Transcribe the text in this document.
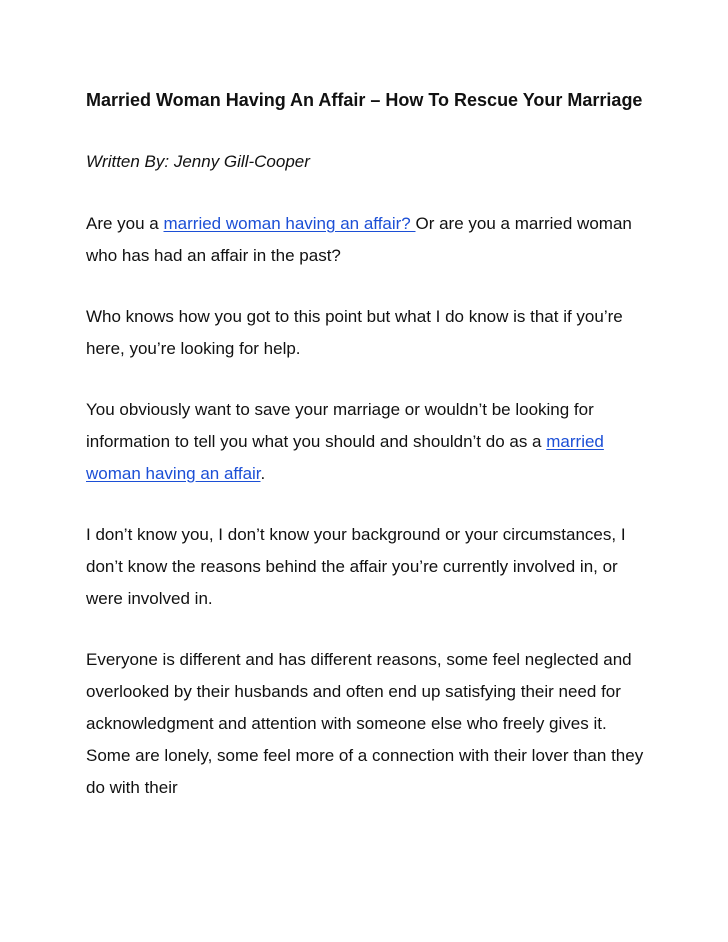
Married Woman Having An Affair – How To Rescue Your Marriage

Written By: Jenny Gill-Cooper

Are you a married woman having an affair? Or are you a married woman who has had an affair in the past?

Who knows how you got to this point but what I do know is that if you’re here, you’re looking for help.

You obviously want to save your marriage or wouldn’t be looking for information to tell you what you should and shouldn’t do as a married woman having an affair.

I don’t know you, I don’t know your background or your circumstances, I don’t know the reasons behind the affair you’re currently involved in, or were involved in.

Everyone is different and has different reasons, some feel neglected and overlooked by their husbands and often end up satisfying their need for acknowledgment and attention with someone else who freely gives it. Some are lonely, some feel more of a connection with their lover than they do with their
